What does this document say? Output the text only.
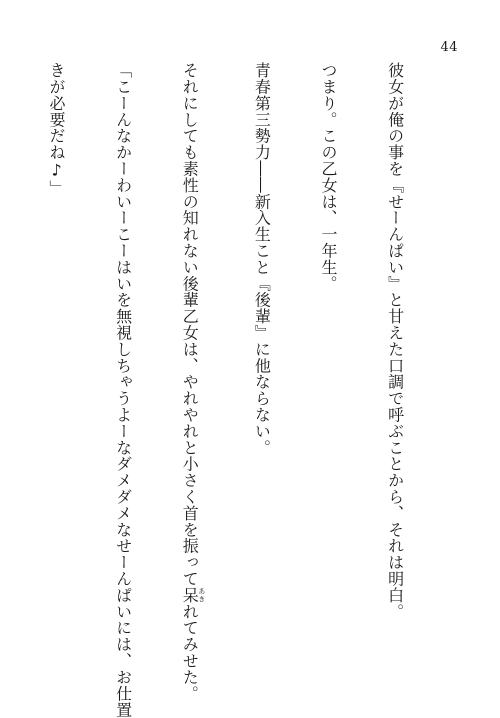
44

彼女が俺の事を『せーんぱい』と甘えた口調で呼ぶことから、それは明白。

つまり。この乙女は、一年生。

青春第三勢力――新入生こと『後輩』に他ならない。

それにしても素性の知れない後輩乙女は、やれやれと小さく首を振って呆あきれてみせた。

「こーんなかーわいーこーはいを無視しちゃうよーなダメダメなせーんぱいには、お仕置

きが必要だね♪」
